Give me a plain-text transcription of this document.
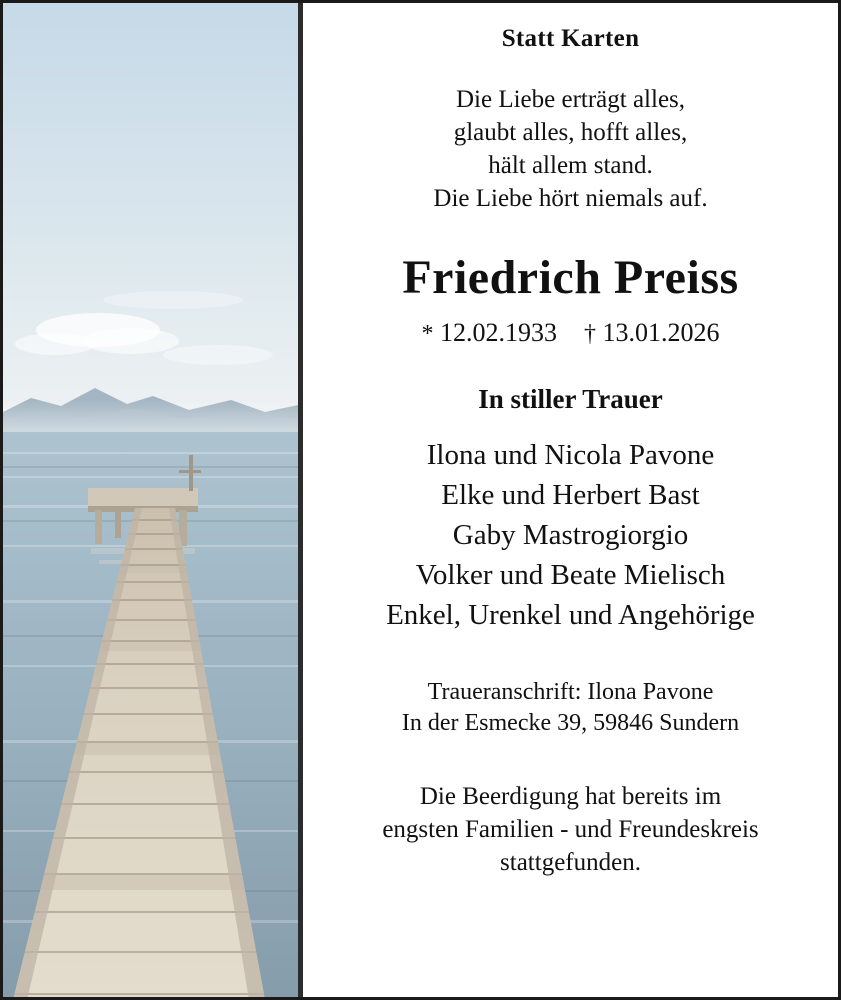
Statt Karten
Die Liebe erträgt alles,
glaubt alles, hofft alles,
hält allem stand.
Die Liebe hört niemals auf.
Friedrich Preiss
* 12.02.1933 † 13.01.2026
In stiller Trauer
Ilona und Nicola Pavone
Elke und Herbert Bast
Gaby Mastrogiorgio
Volker und Beate Mielisch
Enkel, Urenkel und Angehörige
Traueranschrift: Ilona Pavone
In der Esmecke 39, 59846 Sundern
Die Beerdigung hat bereits im
engsten Familien - und Freundeskreis
stattgefunden.
